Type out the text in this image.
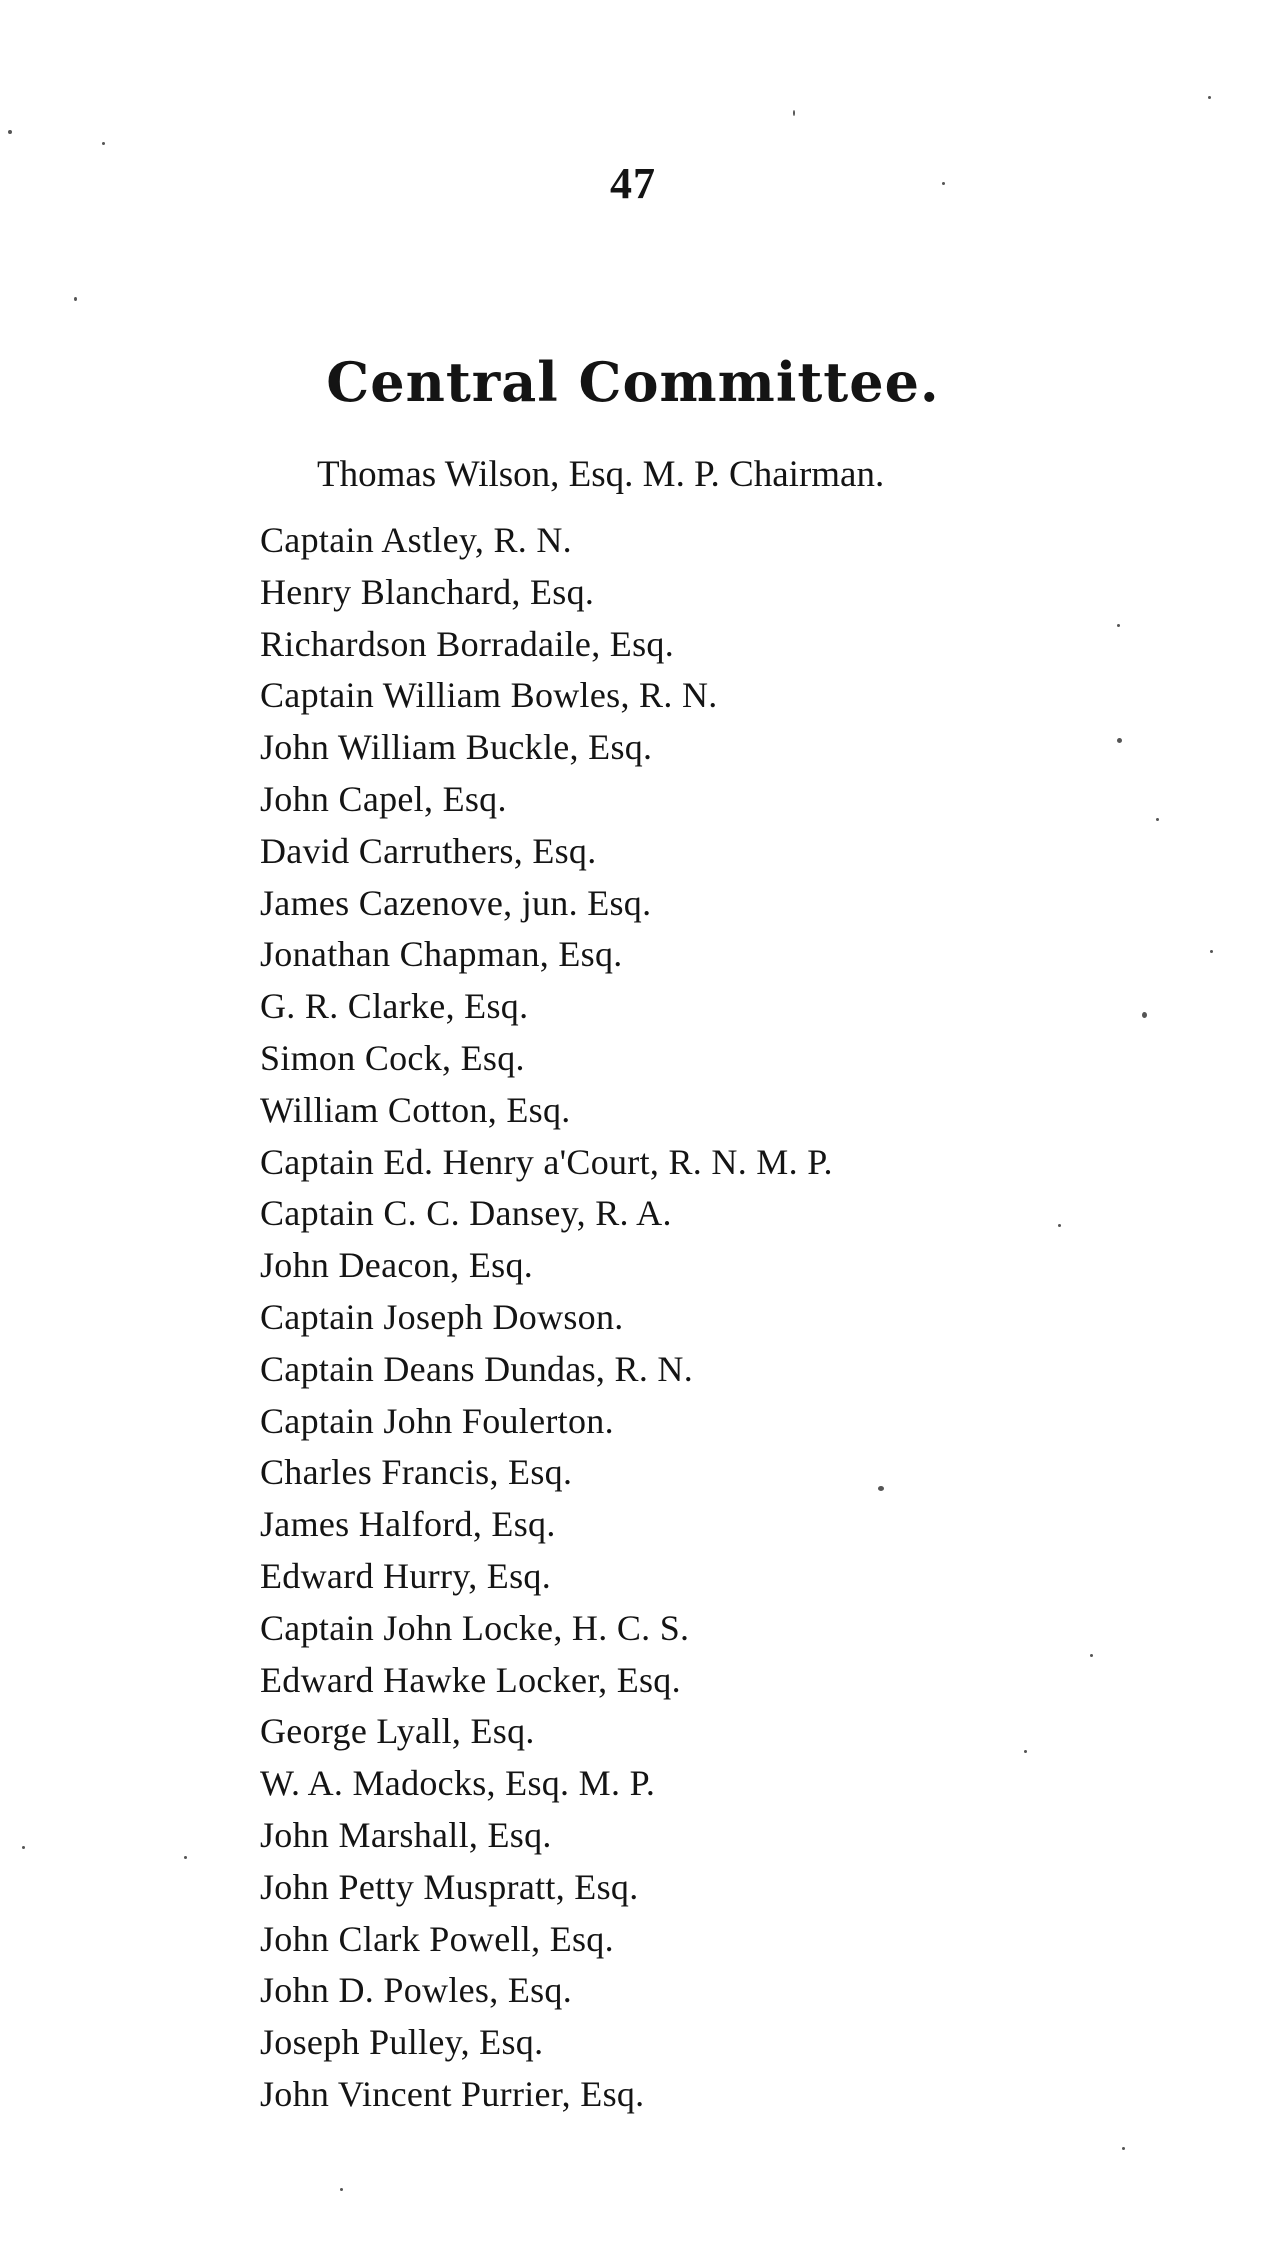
47
Central Committee.
Thomas Wilson, Esq. M. P. Chairman.
Captain Astley, R. N.
Henry Blanchard, Esq.
Richardson Borradaile, Esq.
Captain William Bowles, R. N.
John William Buckle, Esq.
John Capel, Esq.
David Carruthers, Esq.
James Cazenove, jun. Esq.
Jonathan Chapman, Esq.
G. R. Clarke, Esq.
Simon Cock, Esq.
William Cotton, Esq.
Captain Ed. Henry a'Court, R. N. M. P.
Captain C. C. Dansey, R. A.
John Deacon, Esq.
Captain Joseph Dowson.
Captain Deans Dundas, R. N.
Captain John Foulerton.
Charles Francis, Esq.
James Halford, Esq.
Edward Hurry, Esq.
Captain John Locke, H. C. S.
Edward Hawke Locker, Esq.
George Lyall, Esq.
W. A. Madocks, Esq. M. P.
John Marshall, Esq.
John Petty Muspratt, Esq.
John Clark Powell, Esq.
John D. Powles, Esq.
Joseph Pulley, Esq.
John Vincent Purrier, Esq.
